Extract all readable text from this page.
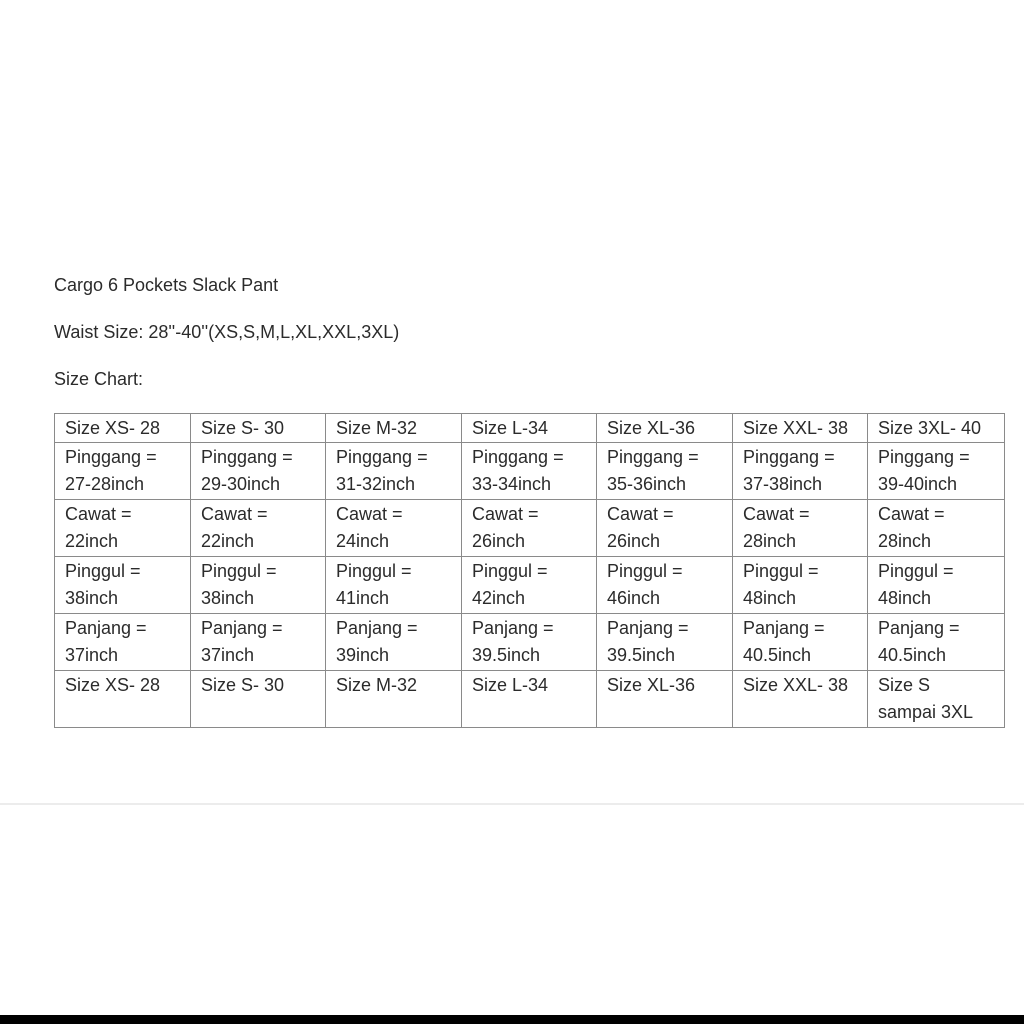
Cargo 6 Pockets Slack Pant
Waist Size: 28''-40''(XS,S,M,L,XL,XXL,3XL)
Size Chart:
Size XS- 28	Size S- 30	Size M-32	Size L-34	Size XL-36	Size XXL- 38	Size 3XL- 40

Pinggang =
27-28inch	Pinggang =
29-30inch	Pinggang =
31-32inch	Pinggang =
33-34inch	Pinggang =
35-36inch	Pinggang =
37-38inch	Pinggang =
39-40inch

Cawat =
22inch	Cawat =
22inch	Cawat =
24inch	Cawat =
26inch	Cawat =
26inch	Cawat =
28inch	Cawat =
28inch

Pinggul =
38inch	Pinggul =
38inch	Pinggul =
41inch	Pinggul =
42inch	Pinggul =
46inch	Pinggul =
48inch	Pinggul =
48inch

Panjang =
37inch	Panjang =
37inch	Panjang =
39inch	Panjang =
39.5inch	Panjang =
39.5inch	Panjang =
40.5inch	Panjang =
40.5inch

Size XS- 28	Size S- 30	Size M-32	Size L-34	Size XL-36	Size XXL- 38	Size S
sampai 3XL
